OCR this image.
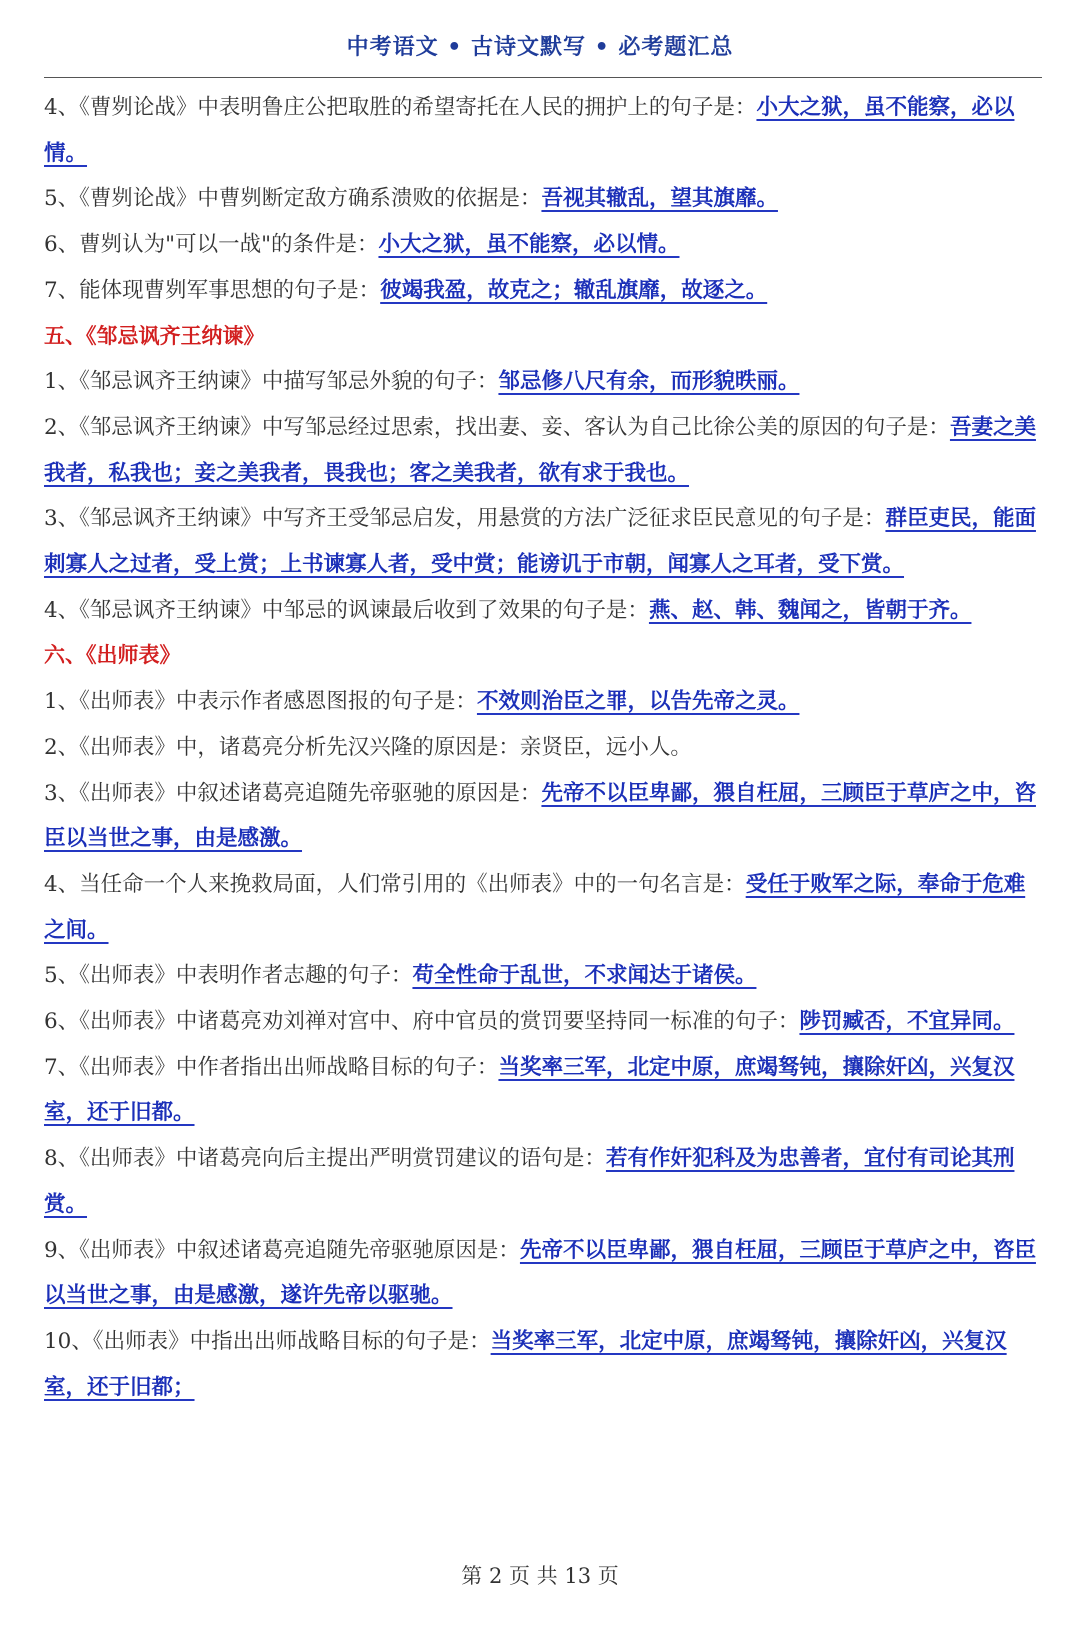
中考语文 • 古诗文默写 • 必考题汇总

4、《曹刿论战》中表明鲁庄公把取胜的希望寄托在人民的拥护上的句子是：小大之狱，虽不能察，必以情。

5、《曹刿论战》中曹刿断定敌方确系溃败的依据是：吾视其辙乱，望其旗靡。

6、曹刿认为"可以一战"的条件是：小大之狱，虽不能察，必以情。

7、能体现曹刿军事思想的句子是：彼竭我盈，故克之；辙乱旗靡，故逐之。

五、《邹忌讽齐王纳谏》

1、《邹忌讽齐王纳谏》中描写邹忌外貌的句子：邹忌修八尺有余，而形貌昳丽。

2、《邹忌讽齐王纳谏》中写邹忌经过思索，找出妻、妾、客认为自己比徐公美的原因的句子是：吾妻之美我者，私我也；妾之美我者，畏我也；客之美我者，欲有求于我也。

3、《邹忌讽齐王纳谏》中写齐王受邹忌启发，用悬赏的方法广泛征求臣民意见的句子是：群臣吏民，能面刺寡人之过者，受上赏；上书谏寡人者，受中赏；能谤讥于市朝，闻寡人之耳者，受下赏。

4、《邹忌讽齐王纳谏》中邹忌的讽谏最后收到了效果的句子是：燕、赵、韩、魏闻之，皆朝于齐。

六、《出师表》

1、《出师表》中表示作者感恩图报的句子是：不效则治臣之罪，以告先帝之灵。

2、《出师表》中，诸葛亮分析先汉兴隆的原因是：亲贤臣，远小人。

3、《出师表》中叙述诸葛亮追随先帝驱驰的原因是：先帝不以臣卑鄙，猥自枉屈，三顾臣于草庐之中，咨臣以当世之事，由是感激。

4、当任命一个人来挽救局面，人们常引用的《出师表》中的一句名言是：受任于败军之际，奉命于危难之间。

5、《出师表》中表明作者志趣的句子：苟全性命于乱世，不求闻达于诸侯。

6、《出师表》中诸葛亮劝刘禅对宫中、府中官员的赏罚要坚持同一标准的句子：陟罚臧否，不宜异同。

7、《出师表》中作者指出出师战略目标的句子：当奖率三军，北定中原，庶竭驽钝，攘除奸凶，兴复汉室，还于旧都。

8、《出师表》中诸葛亮向后主提出严明赏罚建议的语句是：若有作奸犯科及为忠善者，宜付有司论其刑赏。

9、《出师表》中叙述诸葛亮追随先帝驱驰原因是：先帝不以臣卑鄙，猥自枉屈，三顾臣于草庐之中，咨臣以当世之事，由是感激，遂许先帝以驱驰。

10、《出师表》中指出出师战略目标的句子是：当奖率三军，北定中原，庶竭驽钝，攘除奸凶，兴复汉室，还于旧都；

第 2 页 共 13 页
